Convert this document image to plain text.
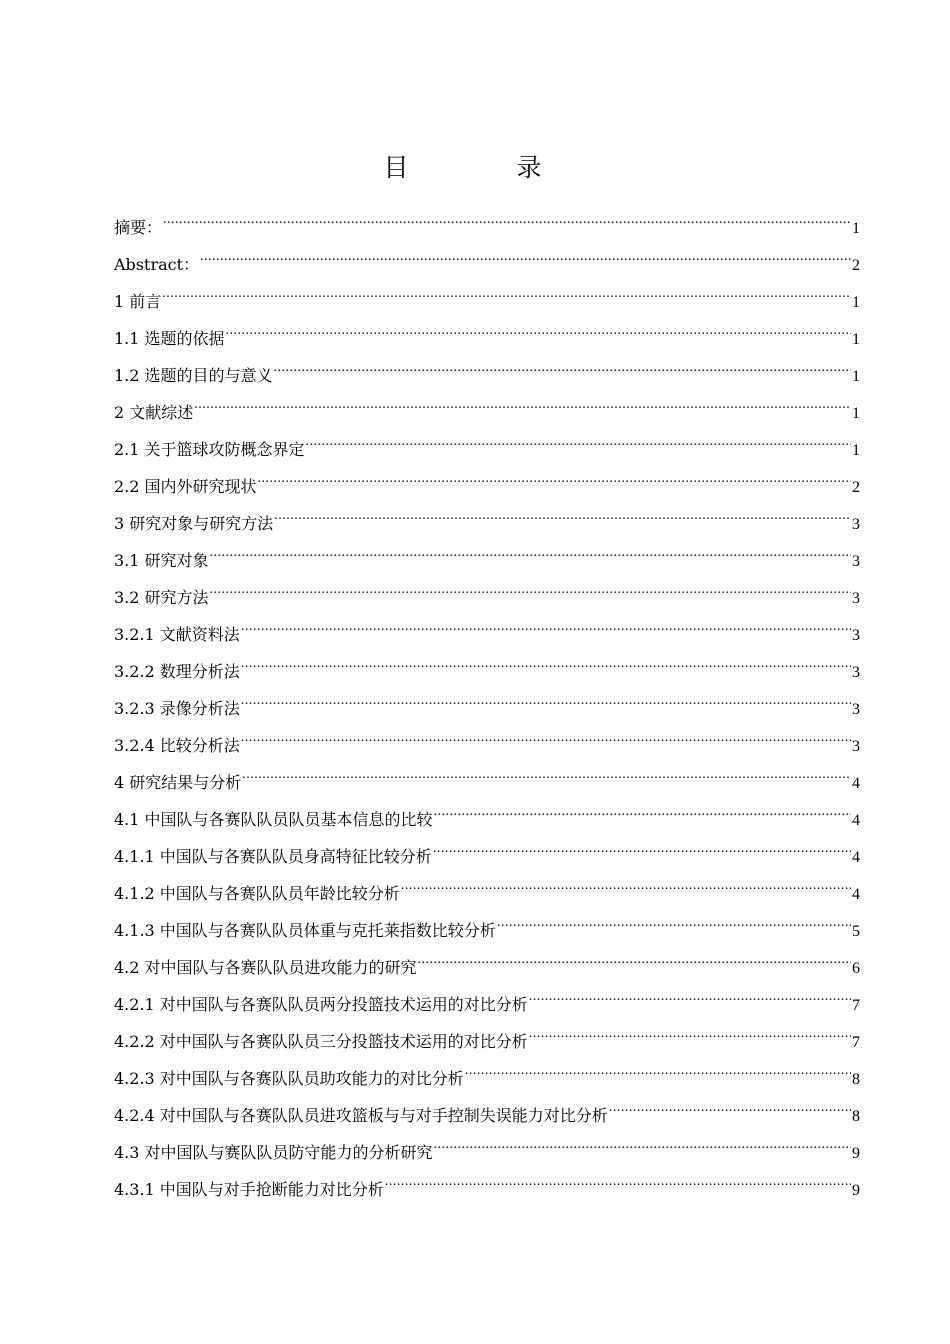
目 录
摘要： .....	1
Abstract： .....	2
1 前言 .....	1
1.1 选题的依据 .....	1
1.2 选题的目的与意义 .....	1
2 文献综述 .....	1
2.1 关于篮球攻防概念界定 .....	1
2.2 国内外研究现状 .....	2
3 研究对象与研究方法 .....	3
3.1 研究对象 .....	3
3.2 研究方法 .....	3
3.2.1 文献资料法 .....	3
3.2.2 数理分析法 .....	3
3.2.3 录像分析法 .....	3
3.2.4 比较分析法 .....	3
4 研究结果与分析 .....	4
4.1 中国队与各赛队队员队员基本信息的比较 .....	4
4.1.1 中国队与各赛队队员身高特征比较分析 .....	4
4.1.2 中国队与各赛队队员年龄比较分析 .....	4
4.1.3 中国队与各赛队队员体重与克托莱指数比较分析 .....	5
4.2 对中国队与各赛队队员进攻能力的研究 .....	6
4.2.1 对中国队与各赛队队员两分投篮技术运用的对比分析 .....	7
4.2.2 对中国队与各赛队队员三分投篮技术运用的对比分析 .....	7
4.2.3 对中国队与各赛队队员助攻能力的对比分析 .....	8
4.2.4 对中国队与各赛队队员进攻篮板与与对手控制失误能力对比分析 .....	8
4.3 对中国队与赛队队员防守能力的分析研究 .....	9
4.3.1 中国队与对手抢断能力对比分析 .....	9
